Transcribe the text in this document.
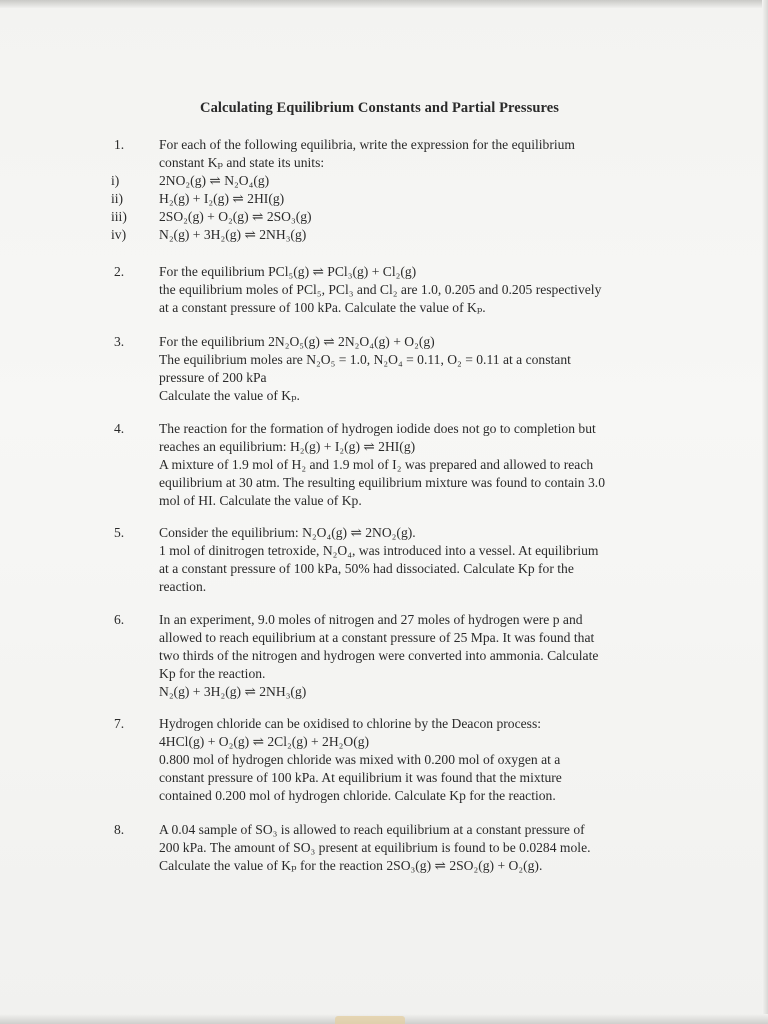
Calculating Equilibrium Constants and Partial Pressures
1.	For each of the following equilibria, write the expression for the equilibrium
constant Kₚ and state its units:
i)	2NO₂(g) ⇌ N₂O₄(g)
ii)	H₂(g) + I₂(g) ⇌ 2HI(g)
iii) 2SO₂(g) + O₂(g) ⇌ 2SO₃(g)
iv) N₂(g) + 3H₂(g) ⇌ 2NH₃(g)
2.	For the equilibrium PCl₅(g) ⇌ PCl₃(g) + Cl₂(g)
the equilibrium moles of PCl₅, PCl₃ and Cl₂ are 1.0, 0.205 and 0.205 respectively
at a constant pressure of 100 kPa. Calculate the value of Kₚ.
3.	For the equilibrium 2N₂O₅(g) ⇌ 2N₂O₄(g) + O₂(g)
The equilibrium moles are N₂O₅ = 1.0, N₂O₄ = 0.11, O₂ = 0.11 at a constant
pressure of 200 kPa
Calculate the value of Kₚ.
4.	The reaction for the formation of hydrogen iodide does not go to completion but
reaches an equilibrium: H₂(g) + I₂(g) ⇌ 2HI(g)
A mixture of 1.9 mol of H₂ and 1.9 mol of I₂ was prepared and allowed to reach
equilibrium at 30 atm. The resulting equilibrium mixture was found to contain 3.0
mol of HI. Calculate the value of Kp.
5.	Consider the equilibrium: N₂O₄(g) ⇌ 2NO₂(g).
1 mol of dinitrogen tetroxide, N₂O₄, was introduced into a vessel. At equilibrium
at a constant pressure of 100 kPa, 50% had dissociated. Calculate Kp for the
reaction.
6.	In an experiment, 9.0 moles of nitrogen and 27 moles of hydrogen were p and
allowed to reach equilibrium at a constant pressure of 25 Mpa. It was found that
two thirds of the nitrogen and hydrogen were converted into ammonia. Calculate
Kp for the reaction.
N₂(g) + 3H₂(g) ⇌ 2NH₃(g)
7.	Hydrogen chloride can be oxidised to chlorine by the Deacon process:
4HCl(g) + O₂(g) ⇌ 2Cl₂(g) + 2H₂O(g)
0.800 mol of hydrogen chloride was mixed with 0.200 mol of oxygen at a
constant pressure of 100 kPa. At equilibrium it was found that the mixture
contained 0.200 mol of hydrogen chloride. Calculate Kp for the reaction.
8.	A 0.04 sample of SO₃ is allowed to reach equilibrium at a constant pressure of
200 kPa. The amount of SO₃ present at equilibrium is found to be 0.0284 mole.
Calculate the value of Kₚ for the reaction 2SO₃(g) ⇌ 2SO₂(g) + O₂(g).
